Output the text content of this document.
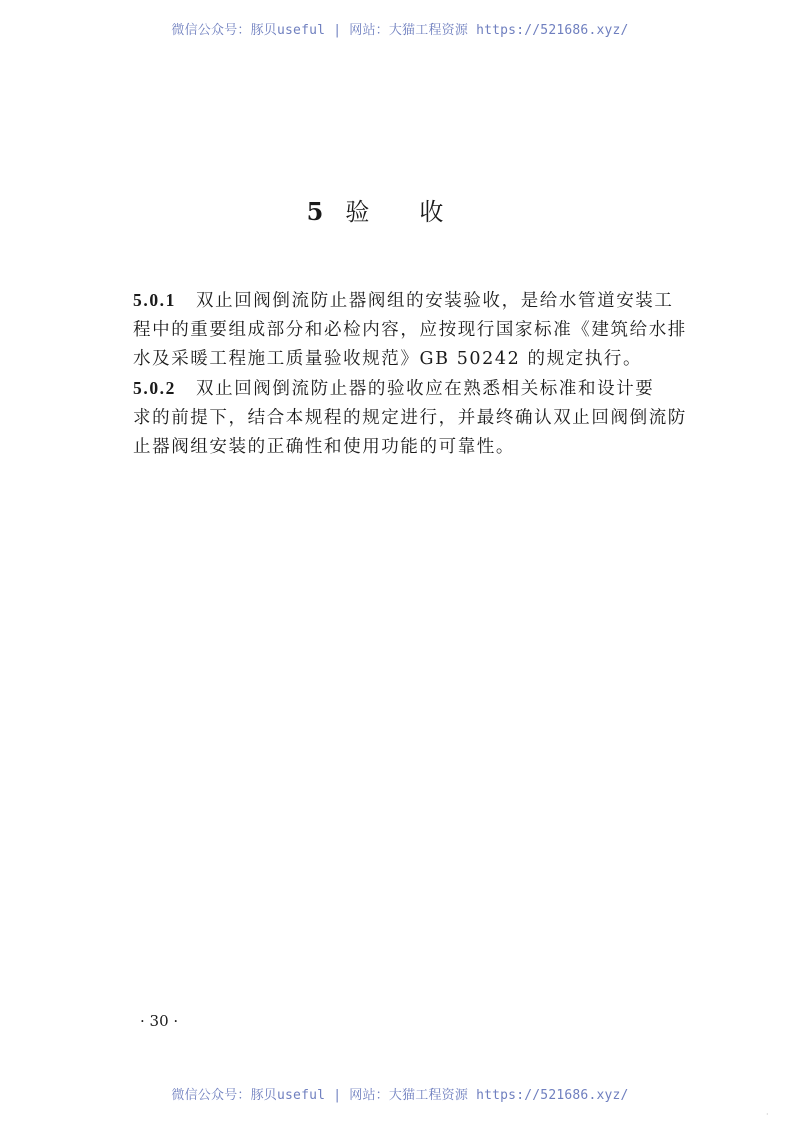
微信公众号：豚贝useful | 网站：大猫工程资源 https://521686.xyz/
5 验收

5.0.1 双止回阀倒流防止器阀组的安装验收，是给水管道安装工
程中的重要组成部分和必检内容，应按现行国家标准《建筑给水排
水及采暖工程施工质量验收规范》GB 50242 的规定执行。

5.0.2 双止回阀倒流防止器的验收应在熟悉相关标准和设计要
求的前提下，结合本规程的规定进行，并最终确认双止回阀倒流防
止器阀组安装的正确性和使用功能的可靠性。

· 30 ·
微信公众号：豚贝useful | 网站：大猫工程资源 https://521686.xyz/
·
